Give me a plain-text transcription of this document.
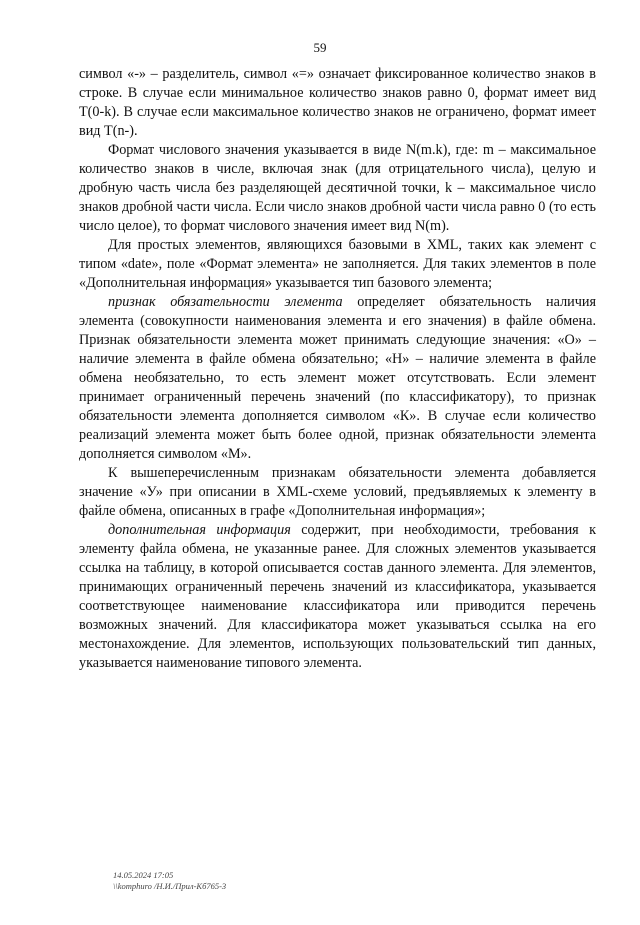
59

символ «-» – разделитель, символ «=» означает фиксированное количество знаков в строке. В случае если минимальное количество знаков равно 0, формат имеет вид T(0-k). В случае если максимальное количество знаков не ограничено, формат имеет вид T(n-).

Формат числового значения указывается в виде N(m.k), где: m – максимальное количество знаков в числе, включая знак (для отрицательного числа), целую и дробную часть числа без разделяющей десятичной точки, k – максимальное число знаков дробной части числа. Если число знаков дробной части числа равно 0 (то есть число целое), то формат числового значения имеет вид N(m).

Для простых элементов, являющихся базовыми в XML, таких как элемент с типом «date», поле «Формат элемента» не заполняется. Для таких элементов в поле «Дополнительная информация» указывается тип базового элемента;

признак обязательности элемента определяет обязательность наличия элемента (совокупности наименования элемента и его значения) в файле обмена. Признак обязательности элемента может принимать следующие значения: «О» – наличие элемента в файле обмена обязательно; «Н» – наличие элемента в файле обмена необязательно, то есть элемент может отсутствовать. Если элемент принимает ограниченный перечень значений (по классификатору), то признак обязательности элемента дополняется символом «К». В случае если количество реализаций элемента может быть более одной, признак обязательности элемента дополняется символом «М».

К вышеперечисленным признакам обязательности элемента добавляется значение «У» при описании в XML-схеме условий, предъявляемых к элементу в файле обмена, описанных в графе «Дополнительная информация»;

дополнительная информация содержит, при необходимости, требования к элементу файла обмена, не указанные ранее. Для сложных элементов указывается ссылка на таблицу, в которой описывается состав данного элемента. Для элементов, принимающих ограниченный перечень значений из классификатора, указывается соответствующее наименование классификатора или приводится перечень возможных значений. Для классификатора может указываться ссылка на его местонахождение. Для элементов, использующих пользовательский тип данных, указывается наименование типового элемента.

14.05.2024 17:05
\\komphuro /Н.И./Прил-Кб765-3
